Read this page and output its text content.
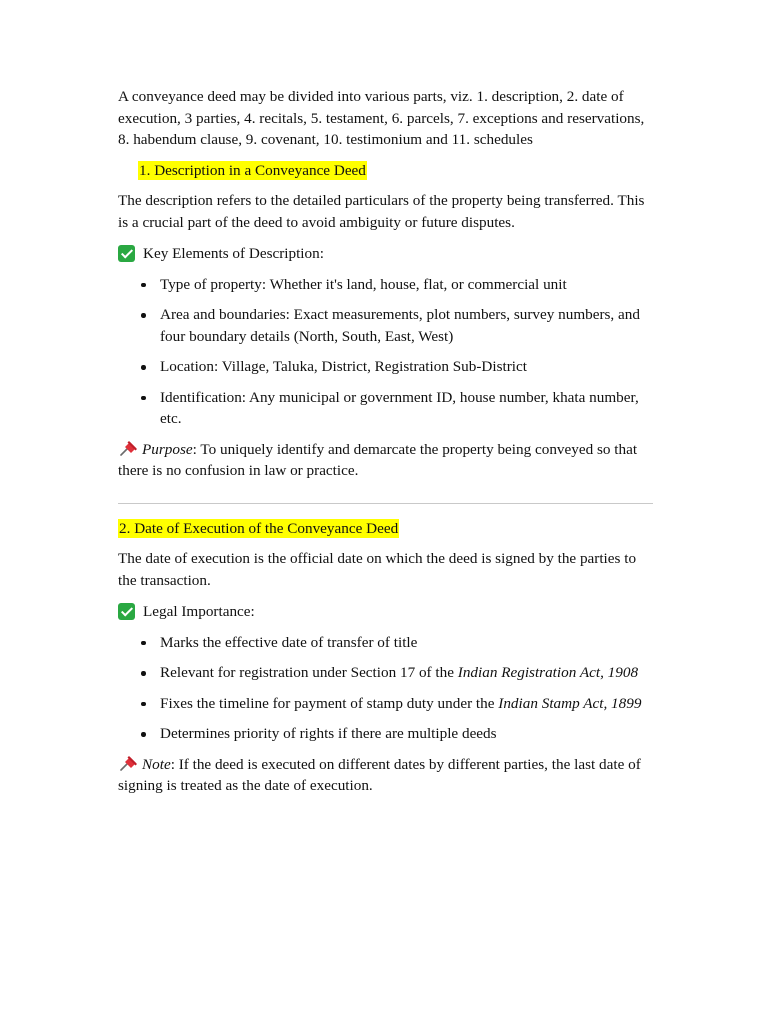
A conveyance deed may be divided into various parts, viz. 1. description, 2. date of execution, 3 parties, 4. recitals, 5. testament, 6. parcels, 7. exceptions and reservations, 8. habendum clause, 9. covenant, 10. testimonium and 11. schedules

1. Description in a Conveyance Deed

The description refers to the detailed particulars of the property being transferred. This is a crucial part of the deed to avoid ambiguity or future disputes.

Key Elements of Description:
Type of property: Whether it's land, house, flat, or commercial unit
Area and boundaries: Exact measurements, plot numbers, survey numbers, and four boundary details (North, South, East, West)
Location: Village, Taluka, District, Registration Sub-District
Identification: Any municipal or government ID, house number, khata number, etc.

Purpose: To uniquely identify and demarcate the property being conveyed so that there is no confusion in law or practice.

2. Date of Execution of the Conveyance Deed

The date of execution is the official date on which the deed is signed by the parties to the transaction.

Legal Importance:
Marks the effective date of transfer of title
Relevant for registration under Section 17 of the Indian Registration Act, 1908
Fixes the timeline for payment of stamp duty under the Indian Stamp Act, 1899
Determines priority of rights if there are multiple deeds

Note: If the deed is executed on different dates by different parties, the last date of signing is treated as the date of execution.
